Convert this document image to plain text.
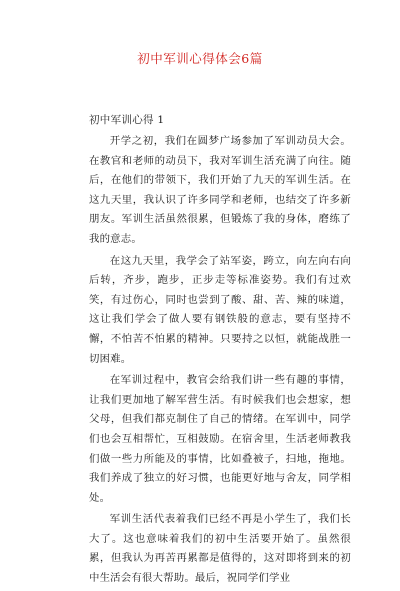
初中军训心得体会6篇
初中军训心得 1

开学之初，我们在圆梦广场参加了军训动员大会。在教官和老师的动员下，我对军训生活充满了向往。随后，在他们的带领下，我们开始了九天的军训生活。在这九天里，我认识了许多同学和老师，也结交了许多新朋友。军训生活虽然很累，但锻炼了我的身体，磨练了我的意志。

在这九天里，我学会了站军姿，跨立，向左向右向后转，齐步，跑步，正步走等标准姿势。我们有过欢笑，有过伤心，同时也尝到了酸、甜、苦、辣的味道，这让我们学会了做人要有钢铁般的意志，要有坚持不懈，不怕苦不怕累的精神。只要持之以恒，就能战胜一切困难。

在军训过程中，教官会给我们讲一些有趣的事情，让我们更加地了解军营生活。有时候我们也会想家，想父母，但我们都克制住了自己的情绪。在军训中，同学们也会互相帮忙，互相鼓励。在宿舍里，生活老师教我们做一些力所能及的事情，比如叠被子，扫地，拖地。我们养成了独立的好习惯，也能更好地与舍友，同学相处。

军训生活代表着我们已经不再是小学生了，我们长大了。这也意味着我们的初中生活要开始了。虽然很累，但我认为再苦再累都是值得的，这对即将到来的初中生活会有很大帮助。最后，祝同学们学业
